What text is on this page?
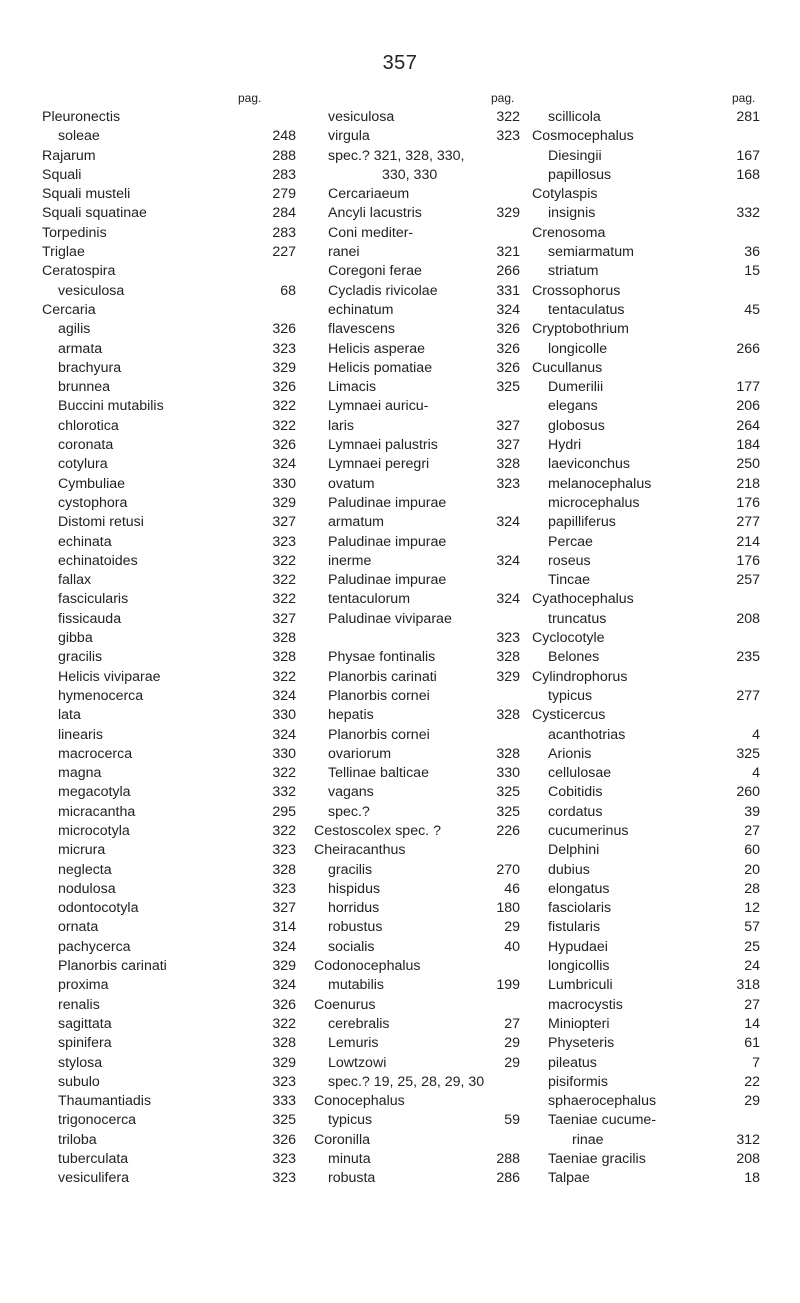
357
pag.
Pleuronectis
soleae	248
Rajarum	288
Squali	283
Squali musteli	279
Squali squatinae	284
Torpedinis	283
Triglae	227
Ceratospira
vesiculosa	68
Cercaria
agilis	326
armata	323
brachyura	329
brunnea	326
Buccini mutabilis	322
chlorotica	322
coronata	326
cotylura	324
Cymbuliae	330
cystophora	329
Distomi retusi	327
echinata	323
echinatoides	322
fallax	322
fascicularis	322
fissicauda	327
gibba	328
gracilis	328
Helicis viviparae	322
hymenocerca	324
lata	330
linearis	324
macrocerca	330
magna	322
megacotyla	332
micracantha	295
microcotyla	322
micrura	323
neglecta	328
nodulosa	323
odontocotyla	327
ornata	314
pachycerca	324
Planorbis carinati	329
proxima	324
renalis	326
sagittata	322
spinifera	328
stylosa	329
subulo	323
Thaumantiadis	333
trigonocerca	325
triloba	326
tuberculata	323
vesiculifera	323
pag.
vesiculosa	322
virgula	323
spec.? 321, 328, 330,
330, 330
Cercariaeum
Ancyli lacustris	329
Coni mediter-
ranei	321
Coregoni ferae	266
Cycladis rivicolae	331
echinatum	324
flavescens	326
Helicis asperae	326
Helicis pomatiae	326
Limacis	325
Lymnaei auricu-
laris	327
Lymnaei palustris	327
Lymnaei peregri	328
ovatum	323
Paludinae impurae
armatum	324
Paludinae impurae
inerme	324
Paludinae impurae
tentaculorum	324
Paludinae viviparae
323
Physae fontinalis	328
Planorbis carinati	329
Planorbis cornei
hepatis	328
Planorbis cornei
ovariorum	328
Tellinae balticae	330
vagans	325
spec.?	325
Cestoscolex spec. ?	226
Cheiracanthus
gracilis	270
hispidus	46
horridus	180
robustus	29
socialis	40
Codonocephalus
mutabilis	199
Coenurus
cerebralis	27
Lemuris	29
Lowtzowi	29
spec.? 19, 25, 28, 29, 30
Conocephalus
typicus	59
Coronilla
minuta	288
robusta	286
pag.
scillicola	281
Cosmocephalus
Diesingii	167
papillosus	168
Cotylaspis
insignis	332
Crenosoma
semiarmatum	36
striatum	15
Crossophorus
tentaculatus	45
Cryptobothrium
longicolle	266
Cucullanus
Dumerilii	177
elegans	206
globosus	264
Hydri	184
laeviconchus	250
melanocephalus	218
microcephalus	176
papilliferus	277
Percae	214
roseus	176
Tincae	257
Cyathocephalus
truncatus	208
Cyclocotyle
Belones	235
Cylindrophorus
typicus	277
Cysticercus
acanthotrias	4
Arionis	325
cellulosae	4
Cobitidis	260
cordatus	39
cucumerinus	27
Delphini	60
dubius	20
elongatus	28
fasciolaris	12
fistularis	57
Hypudaei	25
longicollis	24
Lumbriculi	318
macrocystis	27
Miniopteri	14
Physeteris	61
pileatus	7
pisiformis	22
sphaerocephalus	29
Taeniae cucume-
rinae	312
Taeniae gracilis	208
Talpae	18
